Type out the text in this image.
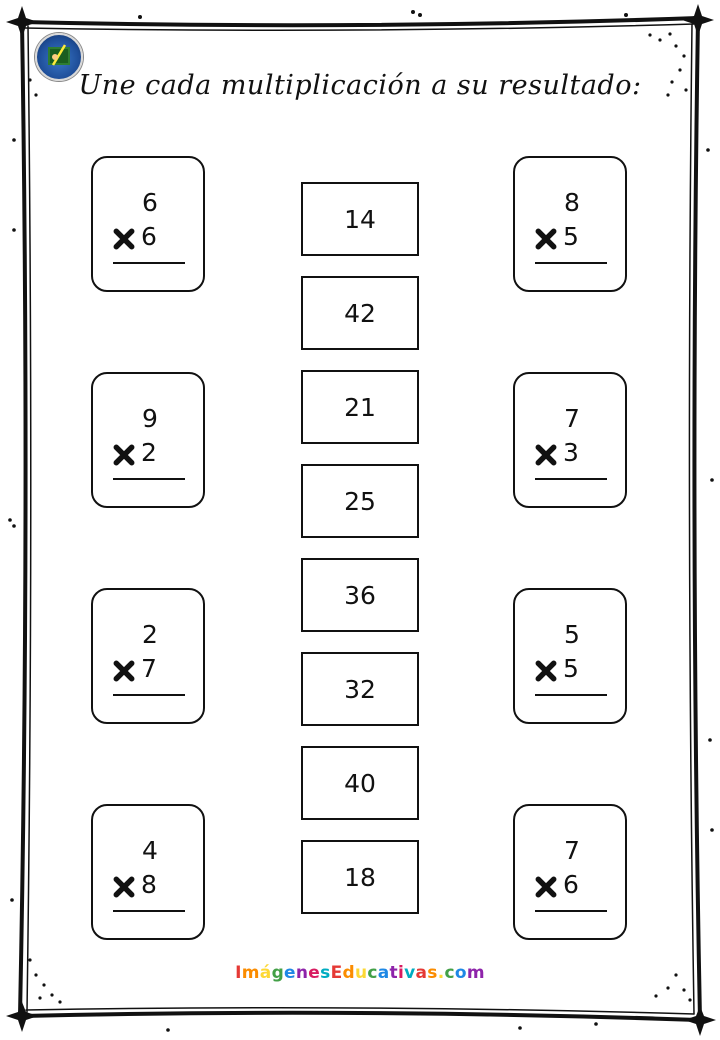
Une cada multiplicación a su resultado:
6
6
9
2
2
7
4
8
8
5
7
3
5
5
7
6
14
42
21
25
36
32
40
18
ImágenesEducativas.com
